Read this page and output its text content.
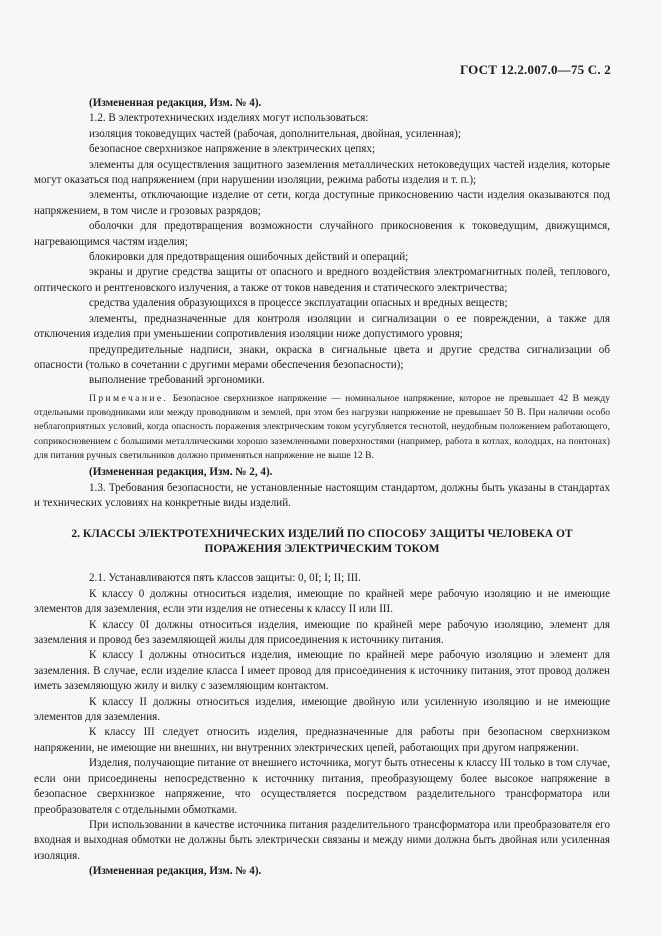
ГОСТ 12.2.007.0—75 С. 2

(Измененная редакция, Изм. № 4).

1.2. В электротехнических изделиях могут использоваться:

изоляция токоведущих частей (рабочая, дополнительная, двойная, усиленная);

безопасное сверхнизкое напряжение в электрических цепях;

элементы для осуществления защитного заземления металлических нетоковедущих частей изделия, которые могут оказаться под напряжением (при нарушении изоляции, режима работы изделия и т. п.);

элементы, отключающие изделие от сети, когда доступные прикосновению части изделия оказываются под напряжением, в том числе и грозовых разрядов;

оболочки для предотвращения возможности случайного прикосновения к токоведущим, движущимся, нагревающимся частям изделия;

блокировки для предотвращения ошибочных действий и операций;

экраны и другие средства защиты от опасного и вредного воздействия электромагнитных полей, теплового, оптического и рентгеновского излучения, а также от токов наведения и статического электричества;

средства удаления образующихся в процессе эксплуатации опасных и вредных веществ;

элементы, предназначенные для контроля изоляции и сигнализации о ее повреждении, а также для отключения изделия при уменьшении сопротивления изоляции ниже допустимого уровня;

предупредительные надписи, знаки, окраска в сигнальные цвета и другие средства сигнализации об опасности (только в сочетании с другими мерами обеспечения безопасности);

выполнение требований эргономики.

Примечание. Безопасное сверхнизкое напряжение — номинальное напряжение, которое не превышает 42 В между отдельными проводниками или между проводником и землей, при этом без нагрузки напряжение не превышает 50 В. При наличии особо неблагоприятных условий, когда опасность поражения электрическим током усугубляется теснотой, неудобным положением работающего, соприкосновением с большими металлическими хорошо заземленными поверхностями (например, работа в котлах, колодцах, на понтонах) для питания ручных светильников должно применяться напряжение не выше 12 В.

(Измененная редакция, Изм. № 2, 4).

1.3. Требования безопасности, не установленные настоящим стандартом, должны быть указаны в стандартах и технических условиях на конкретные виды изделий.

2. КЛАССЫ ЭЛЕКТРОТЕХНИЧЕСКИХ ИЗДЕЛИЙ ПО СПОСОБУ ЗАЩИТЫ ЧЕЛОВЕКА ОТ ПОРАЖЕНИЯ ЭЛЕКТРИЧЕСКИМ ТОКОМ

2.1. Устанавливаются пять классов защиты: 0, 0I; I; II; III.

К классу 0 должны относиться изделия, имеющие по крайней мере рабочую изоляцию и не имеющие элементов для заземления, если эти изделия не отнесены к классу II или III.

К классу 0I должны относиться изделия, имеющие по крайней мере рабочую изоляцию, элемент для заземления и провод без заземляющей жилы для присоединения к источнику питания.

К классу I должны относиться изделия, имеющие по крайней мере рабочую изоляцию и элемент для заземления. В случае, если изделие класса I имеет провод для присоединения к источнику питания, этот провод должен иметь заземляющую жилу и вилку с заземляющим контактом.

К классу II должны относиться изделия, имеющие двойную или усиленную изоляцию и не имеющие элементов для заземления.

К классу III следует относить изделия, предназначенные для работы при безопасном сверхнизком напряжении, не имеющие ни внешних, ни внутренних электрических цепей, работающих при другом напряжении.

Изделия, получающие питание от внешнего источника, могут быть отнесены к классу III только в том случае, если они присоединены непосредственно к источнику питания, преобразующему более высокое напряжение в безопасное сверхнизкое напряжение, что осуществляется посредством разделительного трансформатора или преобразователя с отдельными обмотками.

При использовании в качестве источника питания разделительного трансформатора или преобразователя его входная и выходная обмотки не должны быть электрически связаны и между ними должна быть двойная или усиленная изоляция.

(Измененная редакция, Изм. № 4).
